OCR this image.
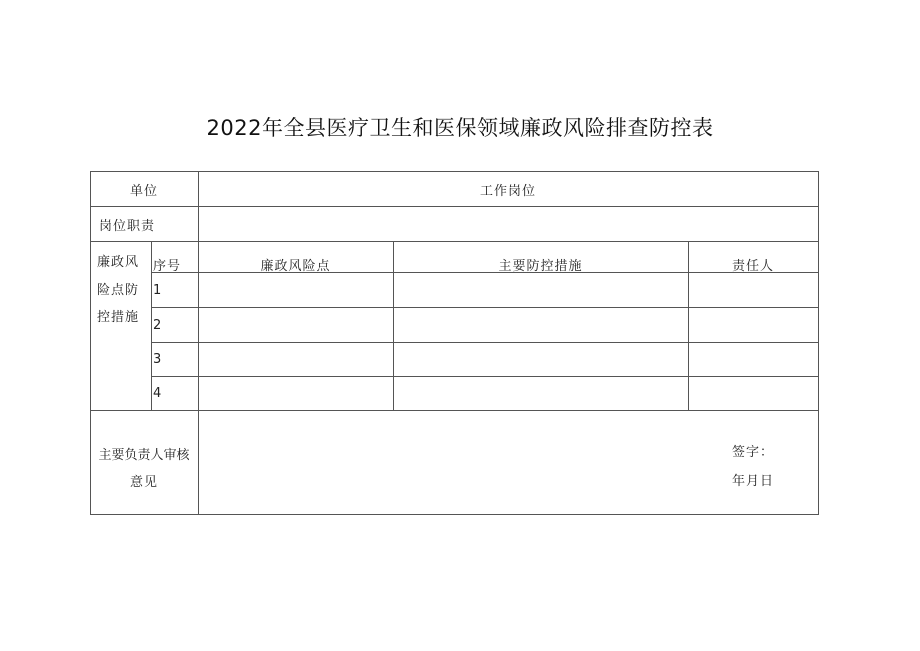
2022年全县医疗卫生和医保领域廉政风险排查防控表
单位	工作岗位
岗位职责
廉政风
险点防
控措施
序号	廉政风险点	主要防控措施	责任人
1
2
3
4
主要负责人审核
意见
签字：
年月日
